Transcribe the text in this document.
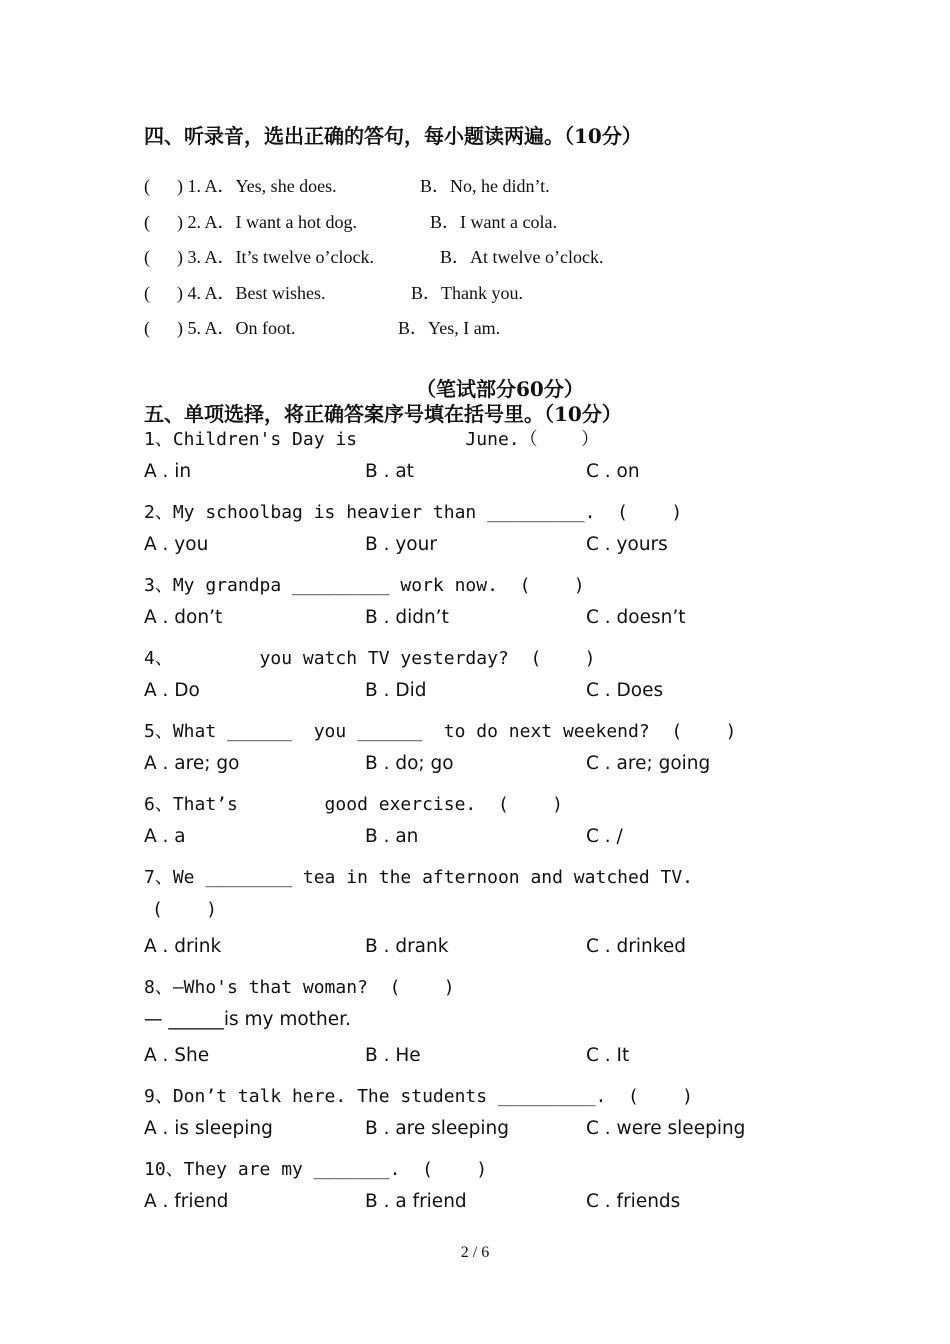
四、听录音，选出正确的答句，每小题读两遍。（10分）
(      ) 1. A．Yes, she does.	B．No, he didn’t.
(      ) 2. A．I want a hot dog.	B．I want a cola.
(      ) 3. A．It’s twelve o’clock.	B．At twelve o’clock.
(      ) 4. A．Best wishes.	B．Thank you.
(      ) 5. A．On foot.	B．Yes, I am.
（笔试部分60分）
五、单项选择，将正确答案序号填在括号里。（10分）
1、Children's Day is          June.（    ）
A . in	B . at	C . on
2、My schoolbag is heavier than _________.  (    )
A . you	B . your	C . yours
3、My grandpa _________ work now.  (    )
A . don’t	B . didn’t	C . doesn’t
4、        you watch TV yesterday?  (    )
A . Do	B . Did	C . Does
5、What ______  you ______  to do next weekend?  (    )
A . are; go	B . do; go	C . are; going
6、That’s        good exercise.  (    )
A . a	B . an	C . /
7、We ________ tea in the afternoon and watched TV.
(    )
A . drink	B . drank	C . drinked
8、—Who's that woman?  (    )
— ______is my mother.
A . She	B . He	C . It
9、Don’t talk here. The students _________.  (    )
A . is sleeping	B . are sleeping	C . were sleeping
10、They are my _______.  (    )
A . friend	B . a friend	C . friends
2 / 6
